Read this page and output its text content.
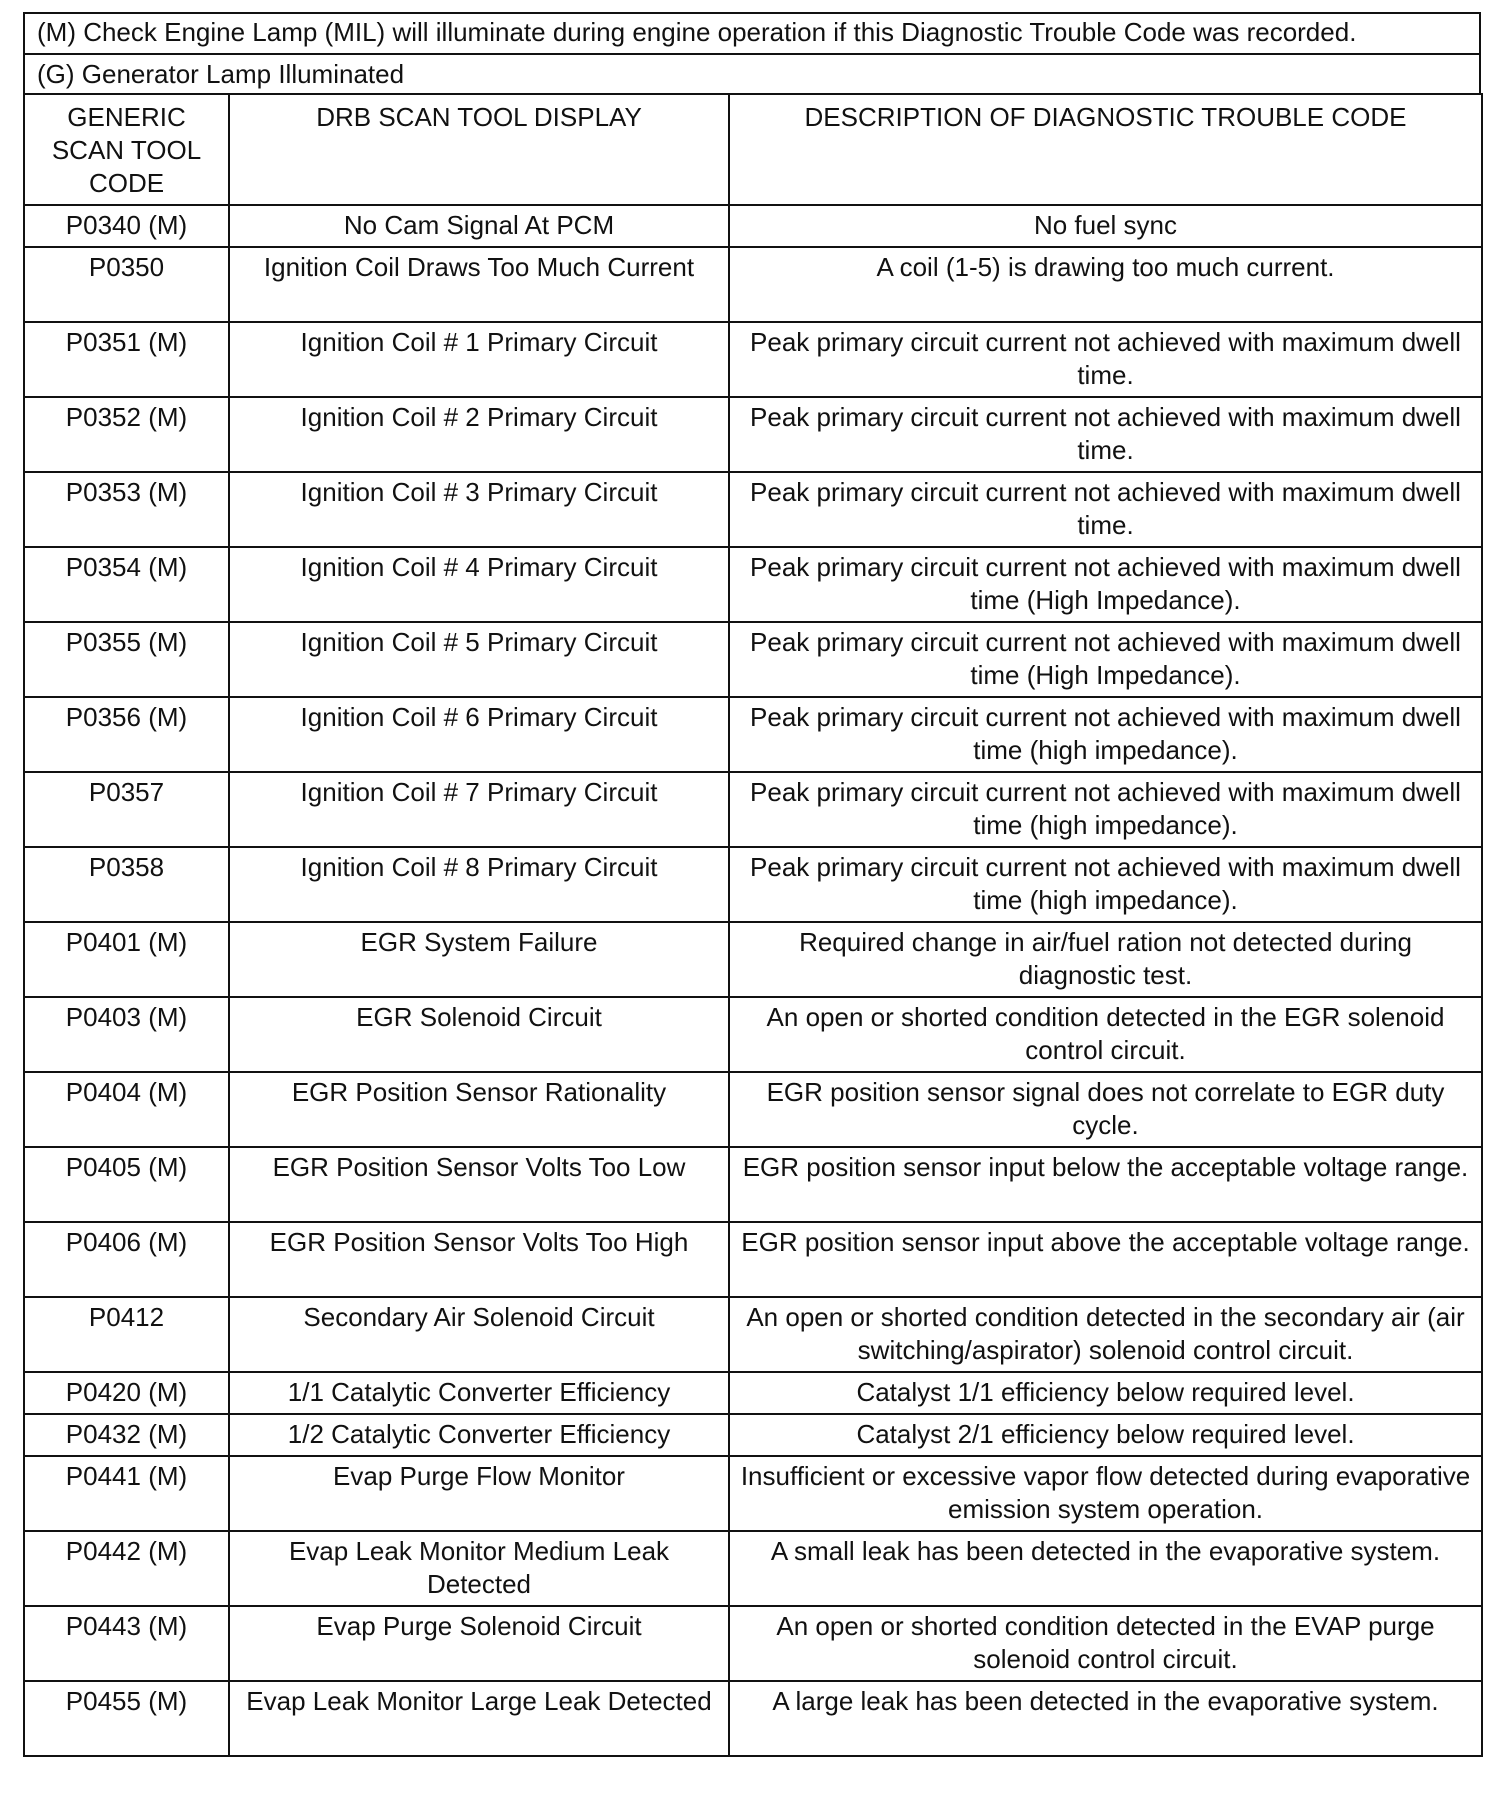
(M) Check Engine Lamp (MIL) will illuminate during engine operation if this Diagnostic Trouble Code was recorded.
(G) Generator Lamp Illuminated
GENERIC SCAN TOOL CODE	DRB SCAN TOOL DISPLAY	DESCRIPTION OF DIAGNOSTIC TROUBLE CODE
P0340 (M)	No Cam Signal At PCM	No fuel sync
P0350	Ignition Coil Draws Too Much Current	A coil (1-5) is drawing too much current.
P0351 (M)	Ignition Coil # 1 Primary Circuit	Peak primary circuit current not achieved with maximum dwell time.
P0352 (M)	Ignition Coil # 2 Primary Circuit	Peak primary circuit current not achieved with maximum dwell time.
P0353 (M)	Ignition Coil # 3 Primary Circuit	Peak primary circuit current not achieved with maximum dwell time.
P0354 (M)	Ignition Coil # 4 Primary Circuit	Peak primary circuit current not achieved with maximum dwell time (High Impedance).
P0355 (M)	Ignition Coil # 5 Primary Circuit	Peak primary circuit current not achieved with maximum dwell time (High Impedance).
P0356 (M)	Ignition Coil # 6 Primary Circuit	Peak primary circuit current not achieved with maximum dwell time (high impedance).
P0357	Ignition Coil # 7 Primary Circuit	Peak primary circuit current not achieved with maximum dwell time (high impedance).
P0358	Ignition Coil # 8 Primary Circuit	Peak primary circuit current not achieved with maximum dwell time (high impedance).
P0401 (M)	EGR System Failure	Required change in air/fuel ration not detected during diagnostic test.
P0403 (M)	EGR Solenoid Circuit	An open or shorted condition detected in the EGR solenoid control circuit.
P0404 (M)	EGR Position Sensor Rationality	EGR position sensor signal does not correlate to EGR duty cycle.
P0405 (M)	EGR Position Sensor Volts Too Low	EGR position sensor input below the acceptable voltage range.
P0406 (M)	EGR Position Sensor Volts Too High	EGR position sensor input above the acceptable voltage range.
P0412	Secondary Air Solenoid Circuit	An open or shorted condition detected in the secondary air (air switching/aspirator) solenoid control circuit.
P0420 (M)	1/1 Catalytic Converter Efficiency	Catalyst 1/1 efficiency below required level.
P0432 (M)	1/2 Catalytic Converter Efficiency	Catalyst 2/1 efficiency below required level.
P0441 (M)	Evap Purge Flow Monitor	Insufficient or excessive vapor flow detected during evaporative emission system operation.
P0442 (M)	Evap Leak Monitor Medium Leak Detected	A small leak has been detected in the evaporative system.
P0443 (M)	Evap Purge Solenoid Circuit	An open or shorted condition detected in the EVAP purge solenoid control circuit.
P0455 (M)	Evap Leak Monitor Large Leak Detected	A large leak has been detected in the evaporative system.
